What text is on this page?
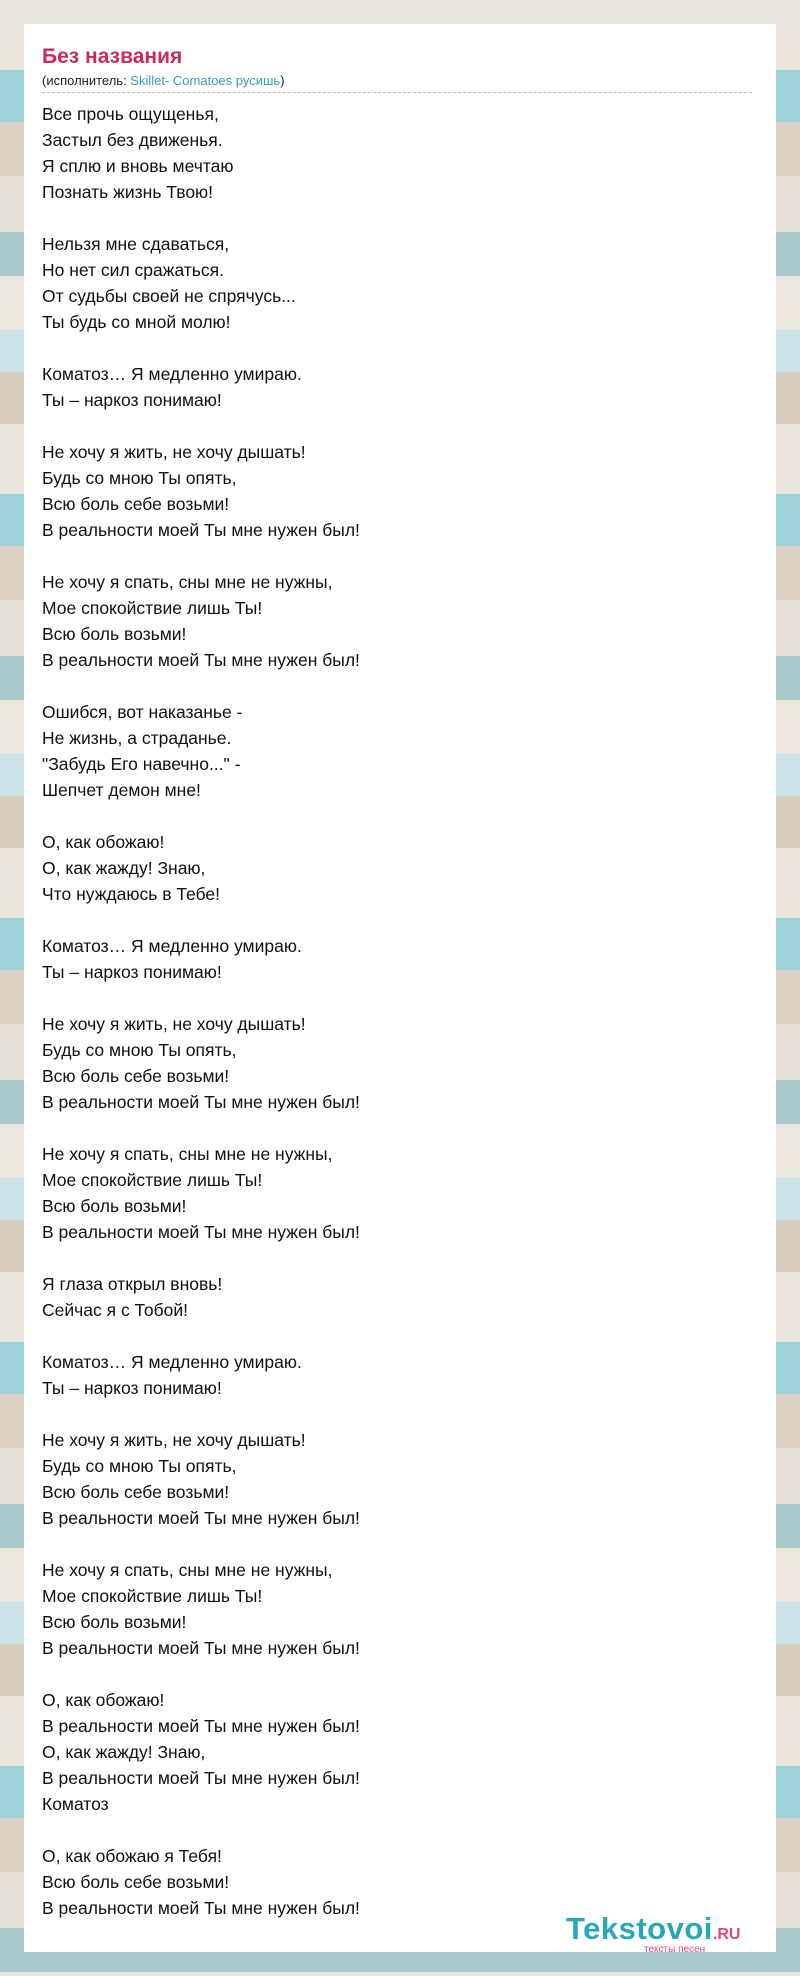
Без названия
(исполнитель: Skillet- Comatoes русишь)
Все прочь ощущенья,
Застыл без движенья.
Я сплю и вновь мечтаю
Познать жизнь Твою!
Нельзя мне сдаваться,
Но нет сил сражаться.
От судьбы своей не спрячусь...
Ты будь со мной молю!
Коматоз… Я медленно умираю.
Ты – наркоз понимаю!
Не хочу я жить, не хочу дышать!
Будь со мною Ты опять,
Всю боль себе возьми!
В реальности моей Ты мне нужен был!
Не хочу я спать, сны мне не нужны,
Мое спокойствие лишь Ты!
Всю боль возьми!
В реальности моей Ты мне нужен был!
Ошибся, вот наказанье -
Не жизнь, а страданье.
"Забудь Его навечно..." -
Шепчет демон мне!
О, как обожаю!
О, как жажду! Знаю,
Что нуждаюсь в Тебе!
Коматоз… Я медленно умираю.
Ты – наркоз понимаю!
Не хочу я жить, не хочу дышать!
Будь со мною Ты опять,
Всю боль себе возьми!
В реальности моей Ты мне нужен был!
Не хочу я спать, сны мне не нужны,
Мое спокойствие лишь Ты!
Всю боль возьми!
В реальности моей Ты мне нужен был!
Я глаза открыл вновь!
Сейчас я с Тобой!
Коматоз… Я медленно умираю.
Ты – наркоз понимаю!
Не хочу я жить, не хочу дышать!
Будь со мною Ты опять,
Всю боль себе возьми!
В реальности моей Ты мне нужен был!
Не хочу я спать, сны мне не нужны,
Мое спокойствие лишь Ты!
Всю боль возьми!
В реальности моей Ты мне нужен был!
О, как обожаю!
В реальности моей Ты мне нужен был!
О, как жажду! Знаю,
В реальности моей Ты мне нужен был!
Коматоз
О, как обожаю я Тебя!
Всю боль себе возьми!
В реальности моей Ты мне нужен был!
Tekstovoi.RU
тексты песен
